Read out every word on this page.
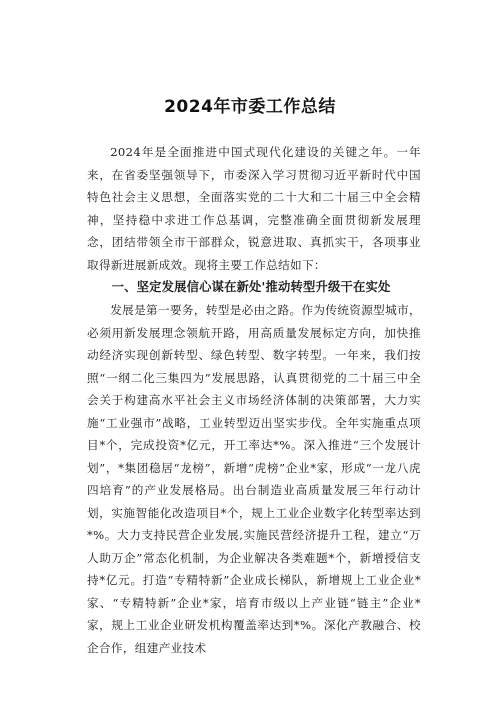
2024年市委工作总结

2024年是全面推进中国式现代化建设的关键之年。一年来，在省委坚强领导下，市委深入学习贯彻习近平新时代中国特色社会主义思想，全面落实党的二十大和二十届三中全会精神，坚持稳中求进工作总基调，完整准确全面贯彻新发展理念，团结带领全市干部群众，锐意进取、真抓实干，各项事业取得新进展新成效。现将主要工作总结如下：

一、坚定发展信心谋在新处'推动转型升级干在实处

发展是第一要务，转型是必由之路。作为传统资源型城市，必须用新发展理念领航开路，用高质量发展标定方向，加快推动经济实现创新转型、绿色转型、数字转型。一年来，我们按照“一纲二化三集四为”发展思路，认真贯彻党的二十届三中全会关于构建高水平社会主义市场经济体制的决策部署，大力实施“工业强市”战略，工业转型迈出坚实步伐。全年实施重点项目*个，完成投资*亿元，开工率达*%。深入推进“三个发展计划”，*集团稳居“龙榜”，新增“虎榜”企业*家，形成“一龙八虎四培育”的产业发展格局。出台制造业高质量发展三年行动计划，实施智能化改造项目*个，规上工业企业数字化转型率达到*%。大力支持民营企业发展,实施民营经济提升工程，建立“万人助万企”常态化机制，为企业解决各类难题*个，新增授信支持*亿元。打造“专精特新”企业成长梯队，新增规上工业企业*家、“专精特新”企业*家，培育市级以上产业链“链主”企业*家，规上工业企业研发机构覆盖率达到*%。深化产教融合、校企合作，组建产业技术
